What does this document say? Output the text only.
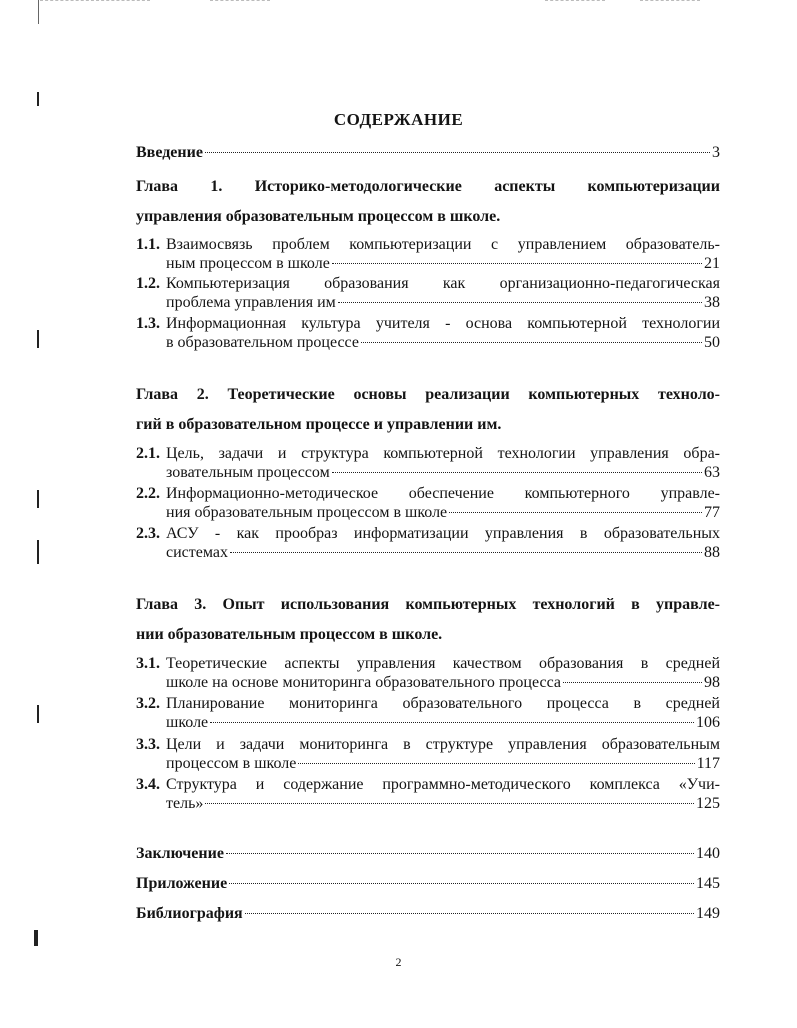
СОДЕРЖАНИЕ
Введение	3
Глава 1. Историко-методологические аспекты компьютеризации
управления образовательным процессом в школе.
1.1. Взаимосвязь проблем компьютеризации с управлением образователь-
ным процессом в школе	21
1.2. Компьютеризация образования как организационно-педагогическая
проблема управления им	38
1.3. Информационная культура учителя - основа компьютерной технологии
в образовательном процессе	50
Глава 2. Теоретические основы реализации компьютерных техноло-
гий в образовательном процессе и управлении им.
2.1. Цель, задачи и структура компьютерной технологии управления обра-
зовательным процессом	63
2.2. Информационно-методическое обеспечение компьютерного управле-
ния образовательным процессом в школе	77
2.3. АСУ - как прообраз информатизации управления в образовательных
системах	88
Глава 3. Опыт использования компьютерных технологий в управле-
нии образовательным процессом в школе.
3.1. Теоретические аспекты управления качеством образования в средней
школе на основе мониторинга образовательного процесса	98
3.2. Планирование мониторинга образовательного процесса в средней
школе	106
3.3. Цели и задачи мониторинга в структуре управления образовательным
процессом в школе	117
3.4. Структура и содержание программно-методического комплекса «Учи-
тель»	125
Заключение	140
Приложение	145
Библиография	149
2
